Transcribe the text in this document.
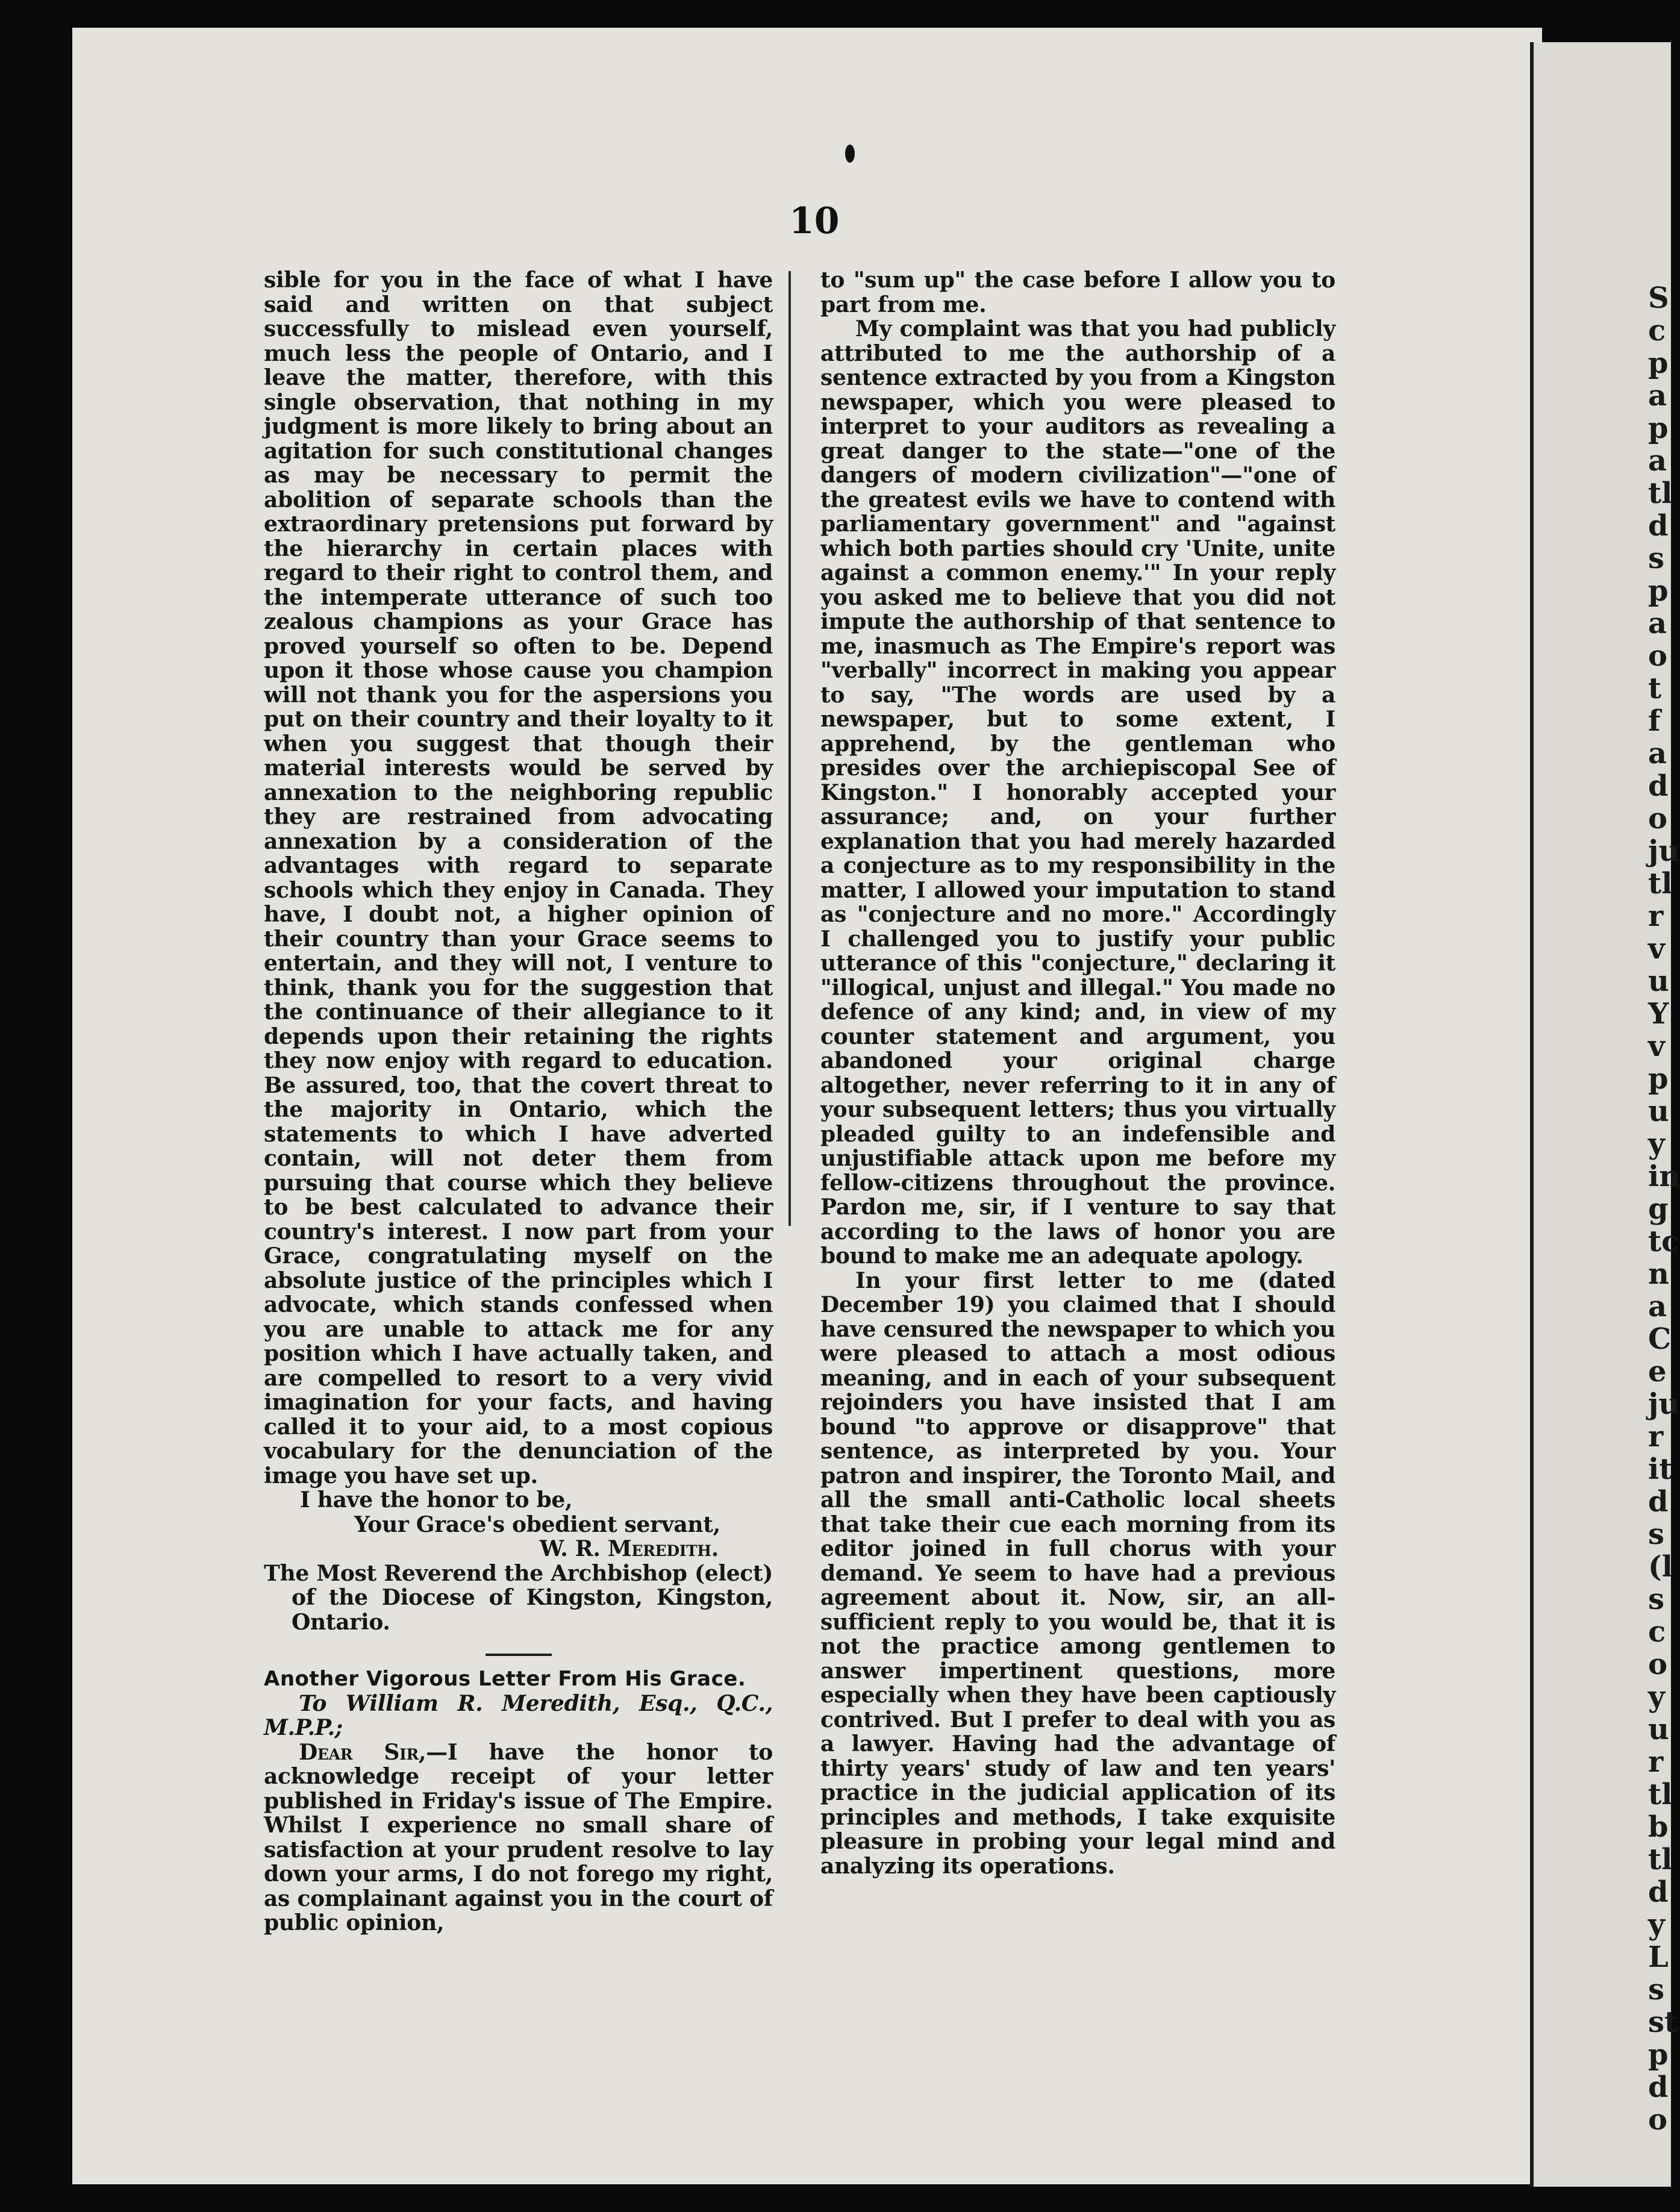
S
c
p
a
p
a
tl
d
s
p
a
o
t
f
a
d
o
ju
tl
r
v
u
Y
v
p
u
y
in
g
tc
n
a
C
e
ju
r
it
d
s
(l
s
c
o
y
u
r
tl
b
tl
d
y
L
s
st
p
d
o
10

sible for you in the face of what I have said and written on that subject successfully to mislead even yourself, much less the people of Ontario, and I leave the matter, therefore, with this single observation, that nothing in my judgment is more likely to bring about an agitation for such constitutional changes as may be necessary to permit the abolition of separate schools than the extraordinary pretensions put forward by the hierarchy in certain places with regard to their right to control them, and the intemperate utterance of such too zealous champions as your Grace has proved yourself so often to be. Depend upon it those whose cause you champion will not thank you for the aspersions you put on their country and their loyalty to it when you suggest that though their material interests would be served by annexation to the neighboring republic they are restrained from advocating annexation by a consideration of the advantages with regard to separate schools which they enjoy in Canada. They have, I doubt not, a higher opinion of their country than your Grace seems to entertain, and they will not, I venture to think, thank you for the suggestion that the continuance of their allegiance to it depends upon their retaining the rights they now enjoy with regard to education. Be assured, too, that the covert threat to the majority in Ontario, which the statements to which I have adverted contain, will not deter them from pursuing that course which they believe to be best calculated to advance their country's interest. I now part from your Grace, congratulating myself on the absolute justice of the principles which I advocate, which stands confessed when you are unable to attack me for any position which I have actually taken, and are compelled to resort to a very vivid imagination for your facts, and having called it to your aid, to a most copious vocabulary for the denunciation of the image you have set up.

I have the honor to be,

Your Grace's obedient servant,

W. R. Meredith.

The Most Reverend the Archbishop (elect) of the Diocese of Kingston, Kingston, Ontario.

Another Vigorous Letter From His Grace.

To William R. Meredith, Esq., Q.C., M.P.P.;

Dear Sir,—I have the honor to acknowledge receipt of your letter published in Friday's issue of The Empire. Whilst I experience no small share of satisfaction at your prudent resolve to lay down your arms, I do not forego my right, as complainant against you in the court of public opinion,

to "sum up" the case before I allow you to part from me.

My complaint was that you had publicly attributed to me the authorship of a sentence extracted by you from a Kingston newspaper, which you were pleased to interpret to your auditors as revealing a great danger to the state—"one of the dangers of modern civilization"—"one of the greatest evils we have to contend with parliamentary government" and "against which both parties should cry 'Unite, unite against a common enemy.'" In your reply you asked me to believe that you did not impute the authorship of that sentence to me, inasmuch as The Empire's report was "verbally" incorrect in making you appear to say, "The words are used by a newspaper, but to some extent, I apprehend, by the gentleman who presides over the archiepiscopal See of Kingston." I honorably accepted your assurance; and, on your further explanation that you had merely hazarded a conjecture as to my responsibility in the matter, I allowed your imputation to stand as "conjecture and no more." Accordingly I challenged you to justify your public utterance of this "conjecture," declaring it "illogical, unjust and illegal." You made no defence of any kind; and, in view of my counter statement and argument, you abandoned your original charge altogether, never referring to it in any of your subsequent letters; thus you virtually pleaded guilty to an indefensible and unjustifiable attack upon me before my fellow-citizens throughout the province. Pardon me, sir, if I venture to say that according to the laws of honor you are bound to make me an adequate apology.

In your first letter to me (dated December 19) you claimed that I should have censured the newspaper to which you were pleased to attach a most odious meaning, and in each of your subsequent rejoinders you have insisted that I am bound "to approve or disapprove" that sentence, as interpreted by you. Your patron and inspirer, the Toronto Mail, and all the small anti-Catholic local sheets that take their cue each morning from its editor joined in full chorus with your demand. Ye seem to have had a previous agreement about it. Now, sir, an all-sufficient reply to you would be, that it is not the practice among gentlemen to answer impertinent questions, more especially when they have been captiously contrived. But I prefer to deal with you as a lawyer. Having had the advantage of thirty years' study of law and ten years' practice in the judicial application of its principles and methods, I take exquisite pleasure in probing your legal mind and analyzing its operations.
